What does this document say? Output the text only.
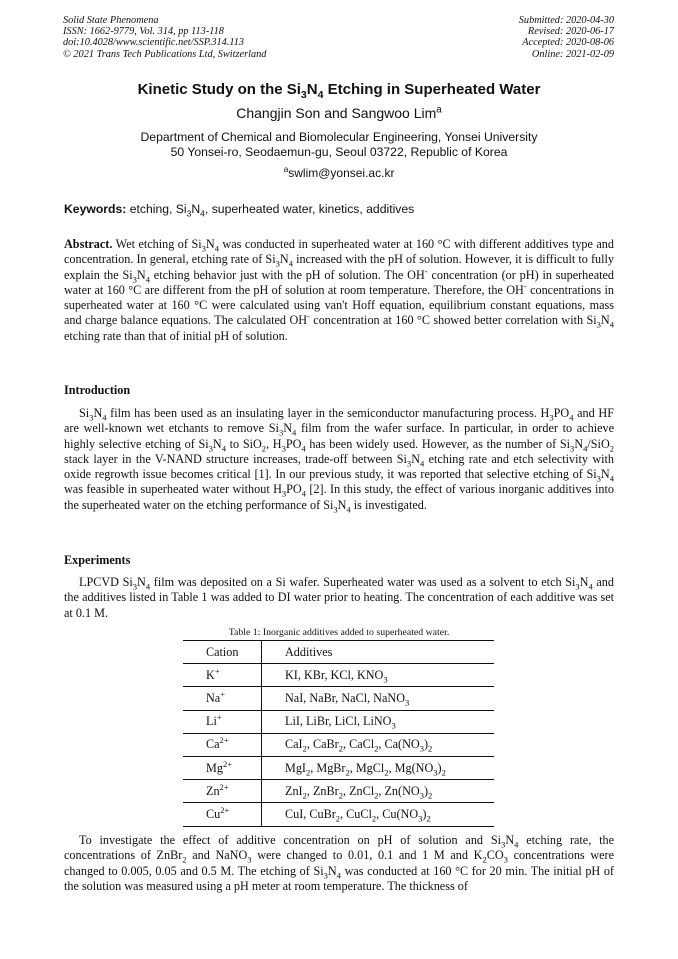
Solid State Phenomena
ISSN: 1662-9779, Vol. 314, pp 113-118
doi:10.4028/www.scientific.net/SSP.314.113
© 2021 Trans Tech Publications Ltd, Switzerland
Submitted: 2020-04-30
Revised: 2020-06-17
Accepted: 2020-08-06
Online: 2021-02-09
Kinetic Study on the $Si_3N_4$ Etching in Superheated Water
Changjin Son and Sangwoo Lim$^a$
Department of Chemical and Biomolecular Engineering, Yonsei University
50 Yonsei-ro, Seodaemun-gu, Seoul 03722, Republic of Korea
$^a$swlim@yonsei.ac.kr
Keywords: etching, $Si_3N_4$, superheated water, kinetics, additives
Abstract. Wet etching of $Si_3N_4$ was conducted in superheated water at 160 °C with different additives type and concentration. In general, etching rate of $Si_3N_4$ increased with the pH of solution. However, it is difficult to fully explain the $Si_3N_4$ etching behavior just with the pH of solution. The OH- concentration (or pH) in superheated water at 160 °C are different from the pH of solution at room temperature. Therefore, the OH- concentrations in superheated water at 160 °C were calculated using van't Hoff equation, equilibrium constant equations, mass and charge balance equations. The calculated OH- concentration at 160 °C showed better correlation with $Si_3N_4$ etching rate than that of initial pH of solution.
Introduction
$Si_3N_4$ film has been used as an insulating layer in the semiconductor manufacturing process. $H_3PO_4$ and HF are well-known wet etchants to remove $Si_3N_4$ film from the wafer surface. In particular, in order to achieve highly selective etching of $Si_3N_4$ to SiO$_2$, $H_3PO_4$ has been widely used. However, as the number of $Si_3N_4/SiO_2$ stack layer in the V-NAND structure increases, trade-off between $Si_3N_4$ etching rate and etch selectivity with oxide regrowth issue becomes critical [1]. In our previous study, it was reported that selective etching of $Si_3N_4$ was feasible in superheated water without $H_3PO_4$ [2]. In this study, the effect of various inorganic additives into the superheated water on the etching performance of $Si_3N_4$ is investigated.
Experiments
LPCVD $Si_3N_4$ film was deposited on a Si wafer. Superheated water was used as a solvent to etch $Si_3N_4$ and the additives listed in Table 1 was added to DI water prior to heating. The concentration of each additive was set at 0.1 M.
Table 1: Inorganic additives added to superheated water.
Cation	Additives
K+	KI, KBr, KCl, $KNO_3$
Na+	NaI, NaBr, NaCl, NaNO$_3$
Li+	LiI, LiBr, LiCl, LiNO$_3$
$Ca^{2+}$	CaI$_2$, CaBr$_2$, CaCl$_2$, $Ca(NO_3)_2$
$Mg^{2+}$	MgI$_2$, MgBr$_2$, MgCl$_2$, $Mg(NO_3)_2$
$Zn^{2+}$	ZnI$_2$, ZnBr$_2$, ZnCl$_2$, $Zn(NO_3)_2$
$Cu^{2+}$	CuI, CuBr$_2$, CuCl$_2$, $Cu(NO_3)_2$
To investigate the effect of additive concentration on pH of solution and $Si_3N_4$ etching rate, the concentrations of ZnBr$_2$ and NaNO$_3$ were changed to 0.01, 0.1 and 1 M and $K_2CO_3$ concentrations were changed to 0.005, 0.05 and 0.5 M. The etching of $Si_3N_4$ was conducted at 160 °C for 20 min. The initial pH of the solution was measured using a pH meter at room temperature. The thickness of
